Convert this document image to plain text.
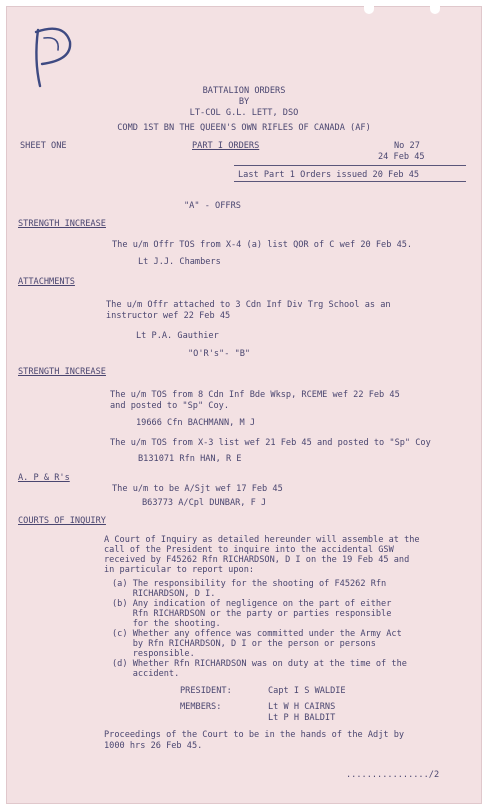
BATTALION ORDERS
BY
LT-COL G.L. LETT, DSO
COMD 1ST BN THE QUEEN'S OWN RIFLES OF CANADA (AF)
SHEET ONE	PART I ORDERS	No 27
24 Feb 45
Last Part 1 Orders issued 20 Feb 45
"A" - OFFRS
STRENGTH INCREASE
The u/m Offr TOS from X-4 (a) list QOR of C wef 20 Feb 45.
Lt J.J. Chambers
ATTACHMENTS
The u/m Offr attached to 3 Cdn Inf Div Trg School as an
instructor wef 22 Feb 45
Lt P.A. Gauthier
"O'R's"- "B"
STRENGTH INCREASE
The u/m TOS from 8 Cdn Inf Bde Wksp, RCEME wef 22 Feb 45
and posted to "Sp" Coy.
19666 Cfn BACHMANN, M J
The u/m TOS from X-3 list wef 21 Feb 45 and posted to "Sp" Coy
B131071 Rfn HAN, R E
A. P & R's
The u/m to be A/Sjt wef 17 Feb 45
B63773 A/Cpl DUNBAR, F J
COURTS OF INQUIRY
A Court of Inquiry as detailed hereunder will assemble at the
call of the President to inquire into the accidental GSW
received by F45262 Rfn RICHARDSON, D I on the 19 Feb 45 and
in particular to report upon:
(a) The responsibility for the shooting of F45262 Rfn
RICHARDSON, D I.
(b) Any indication of negligence on the part of either
Rfn RICHARDSON or the party or parties responsible
for the shooting.
(c) Whether any offence was committed under the Army Act
by Rfn RICHARDSON, D I or the person or persons
responsible.
(d) Whether Rfn RICHARDSON was on duty at the time of the
accident.
PRESIDENT:	Capt I S WALDIE
MEMBERS:	Lt W H CAIRNS
Lt P H BALDIT
Proceedings of the Court to be in the hands of the Adjt by
1000 hrs 26 Feb 45.
................/2
